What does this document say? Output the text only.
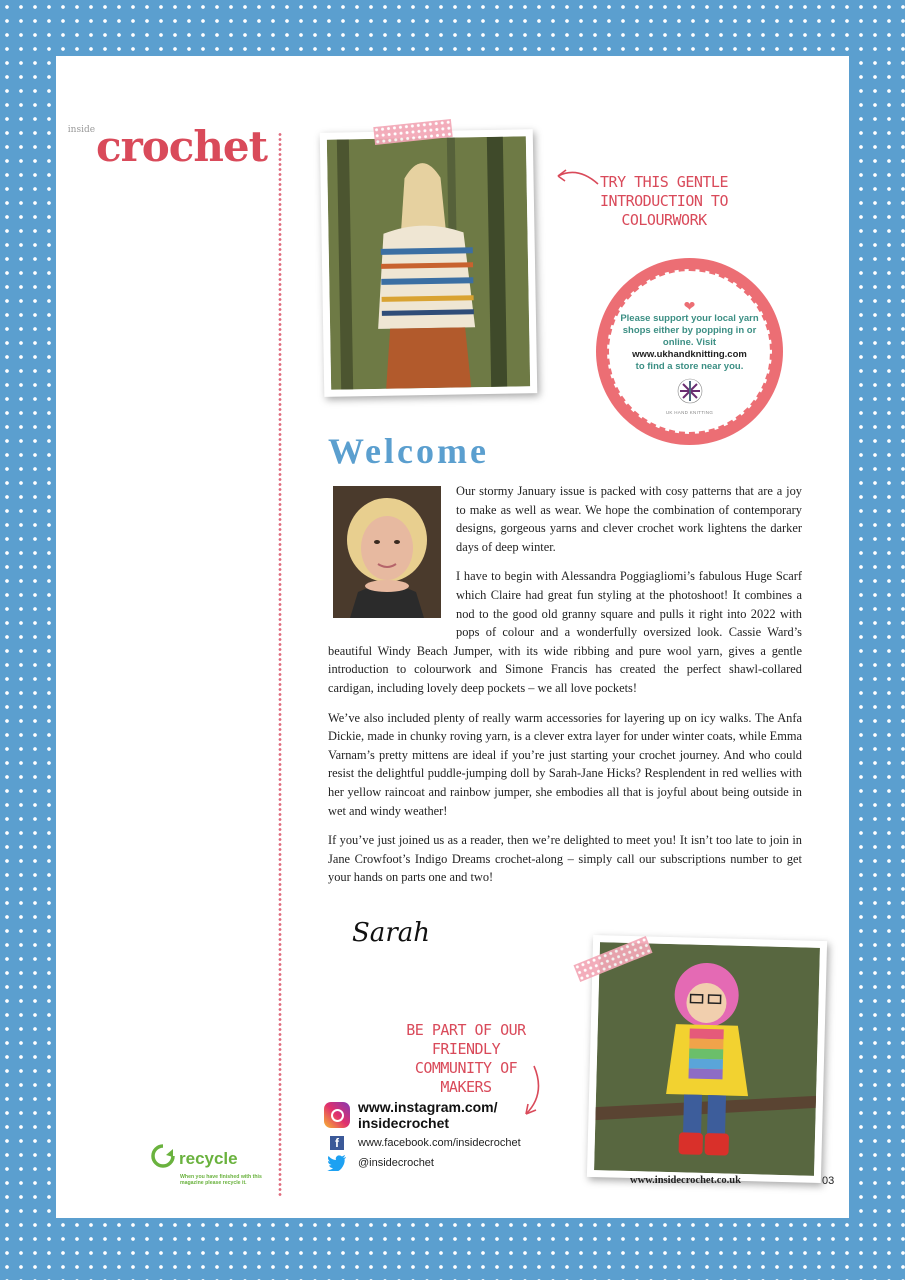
$^{inside}$crochet
recycle
When you have finished with this magazine please recycle it.
TRY THIS GENTLE INTRODUCTION TO COLOURWORK
❤
Please support your local yarn shops either by popping in or online. Visit
www.ukhandknitting.com
to find a store near you.
UK HAND KNITTING
Welcome

Our stormy January issue is packed with cosy patterns that are a joy to make as well as wear. We hope the combination of contemporary designs, gorgeous yarns and clever crochet work lightens the darker days of deep winter.

I have to begin with Alessandra Poggiagliomi’s fabulous Huge Scarf which Claire had great fun styling at the photoshoot! It combines a nod to the good old granny square and pulls it right into 2022 with pops of colour and a wonderfully oversized look. Cassie Ward’s beautiful Windy Beach Jumper, with its wide ribbing and pure wool yarn, gives a gentle introduction to colourwork and Simone Francis has created the perfect shawl-collared cardigan, including lovely deep pockets – we all love pockets!

We’ve also included plenty of really warm accessories for layering up on icy walks. The Anfa Dickie, made in chunky roving yarn, is a clever extra layer for under winter coats, while Emma Varnam’s pretty mittens are ideal if you’re just starting your crochet journey. And who could resist the delightful puddle-jumping doll by Sarah-Jane Hicks? Resplendent in red wellies with her yellow raincoat and rainbow jumper, she embodies all that is joyful about being outside in wet and windy weather!

If you’ve just joined us as a reader, then we’re delighted to meet you! It isn’t too late to join in Jane Crowfoot’s Indigo Dreams crochet-along – simply call our subscriptions number to get your hands on parts one and two!

Sarah
BE PART OF OUR FRIENDLY COMMUNITY OF MAKERS
www.instagram.com/
insidecrochet
f	www.facebook.com/insidecrochet
@insidecrochet
www.insidecrochet.co.uk	03
